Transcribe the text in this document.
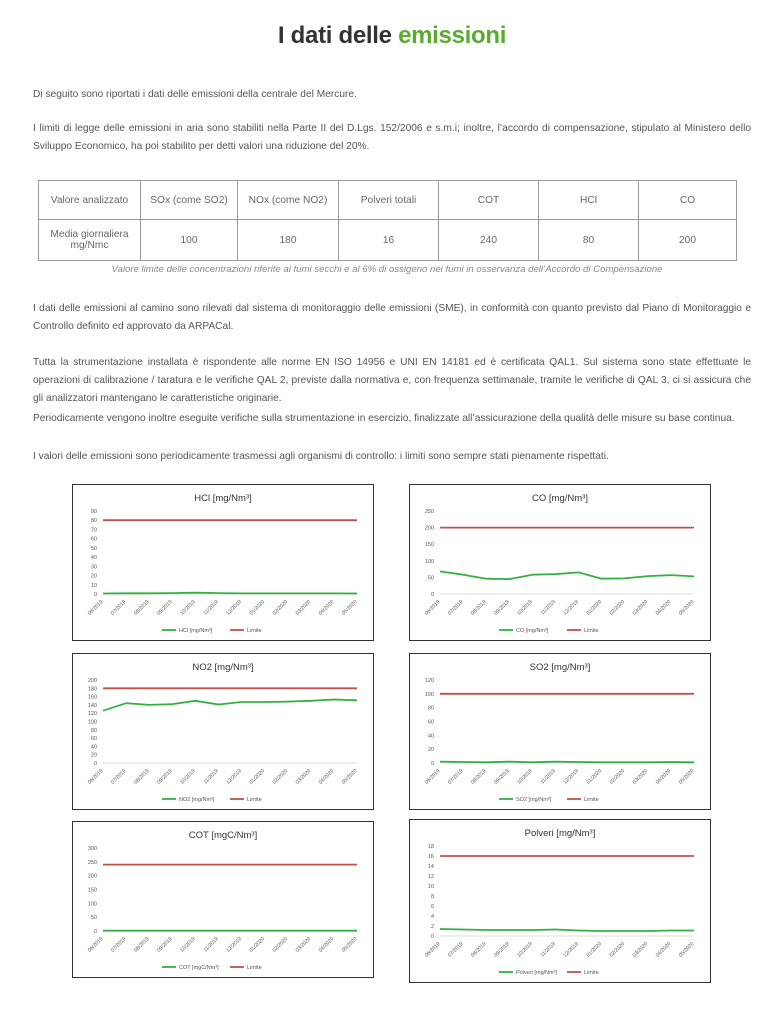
I dati delle emissioni

Di seguito sono riportati i dati delle emissioni della centrale del Mercure.

I limiti di legge delle emissioni in aria sono stabiliti nella Parte II del D.Lgs. 152/2006 e s.m.i; inoltre, l’accordo di compensazione, stipulato al Ministero dello Sviluppo Economico, ha poi stabilito per detti valori una riduzione del 20%.

Valore analizzato	SOx (come SO2)	NOx (come NO2)	Polveri totali	COT	HCl	CO
Media giornaliera mg/Nmc	100	180	16	240	80	200

Valore limite delle concentrazioni riferite ai fumi secchi e al 6% di ossigeno nei fumi in osservanza dell’Accordo di Compensazione

I dati delle emissioni al camino sono rilevati dal sistema di monitoraggio delle emissioni (SME), in conformità con quanto previsto dal Piano di Monitoraggio e Controllo definito ed approvato da ARPACal.

Tutta la strumentazione installata è rispondente alle norme EN ISO 14956 e UNI EN 14181 ed è certificata QAL1. Sul sistema sono state effettuate le operazioni di calibrazione / taratura e le verifiche QAL 2, previste dalla normativa e, con frequenza settimanale, tramite le verifiche di QAL 3, ci si assicura che gli analizzatori mantengano le caratteristiche originarie.

Periodicamente vengono inoltre eseguite verifiche sulla strumentazione in esercizio, finalizzate all’assicurazione della qualità delle misure su base continua.

I valori delle emissioni sono periodicamente trasmessi agli organismi di controllo: i limiti sono sempre stati pienamente rispettati.

HCl [mg/Nm³]
0
10
20
30
40
50
60
70
80
90
06/2019 07/2019 08/2019 09/2019 10/2019 11/2019 12/2019 01/2020 02/2020 03/2020 04/2020 05/2020
HCl [mg/Nm³]	Limite
CO [mg/Nm³]
0
50
100
150
200
250
06/2019 07/2019 08/2019 09/2019 10/2019 11/2019 12/2019 01/2020 02/2020 03/2020 04/2020 05/2020
CO [mg/Nm³]	Limite
NO2 [mg/Nm³]
0
20
40
60
80
100
120
140
160
180
200
06/2019 07/2019 08/2019 09/2019 10/2019 11/2019 12/2019 01/2020 02/2020 03/2020 04/2020 05/2020
NO2 [mg/Nm³]	Limite
SO2 [mg/Nm³]
0
20
40
60
80
100
120
06/2019 07/2019 08/2019 09/2019 10/2019 11/2019 12/2019 01/2020 02/2020 03/2020 04/2020 05/2020
SO2 [mg/Nm³]	Limite
COT [mgC/Nm³]
0
50
100
150
200
250
300
06/2019 07/2019 08/2019 09/2019 10/2019 11/2019 12/2019 01/2020 02/2020 03/2020 04/2020 05/2020
COT [mgC/Nm³]	Limite
Polveri [mg/Nm³]
0
2
4
6
8
10
12
14
16
18
06/2019 07/2019 08/2019 09/2019 10/2019 11/2019 12/2019 01/2020 02/2020 03/2020 04/2020 05/2020
Polveri [mg/Nm³]	Limite
